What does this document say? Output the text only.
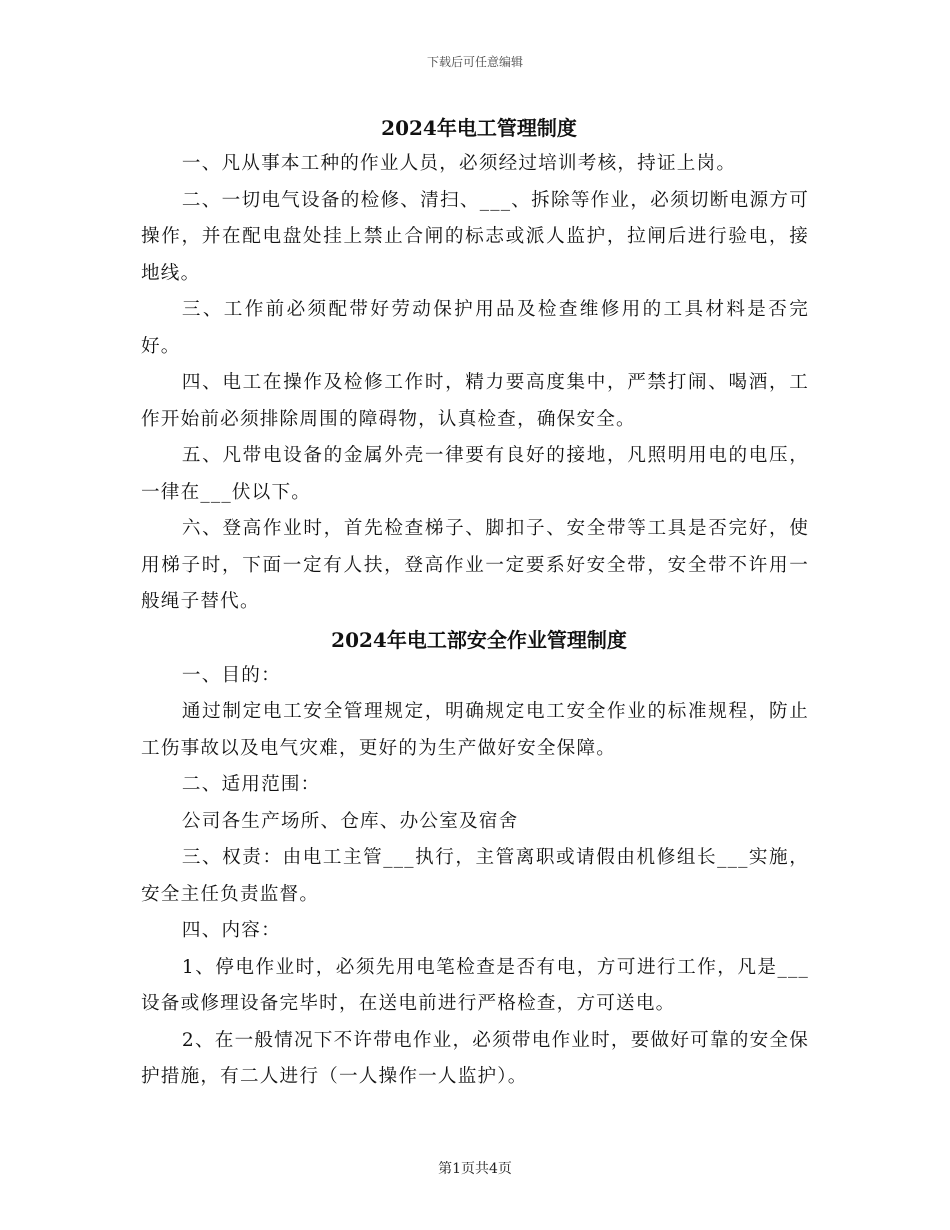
下载后可任意编辑
2024年电工管理制度

一、凡从事本工种的作业人员，必须经过培训考核，持证上岗。

二、一切电气设备的检修、清扫、___、拆除等作业，必须切断电源方可操作，并在配电盘处挂上禁止合闸的标志或派人监护，拉闸后进行验电，接地线。

三、工作前必须配带好劳动保护用品及检查维修用的工具材料是否完好。

四、电工在操作及检修工作时，精力要高度集中，严禁打闹、喝酒，工作开始前必须排除周围的障碍物，认真检查，确保安全。

五、凡带电设备的金属外壳一律要有良好的接地，凡照明用电的电压，一律在___伏以下。

六、登高作业时，首先检查梯子、脚扣子、安全带等工具是否完好，使用梯子时，下面一定有人扶，登高作业一定要系好安全带，安全带不许用一般绳子替代。

2024年电工部安全作业管理制度

一、目的：

通过制定电工安全管理规定，明确规定电工安全作业的标准规程，防止工伤事故以及电气灾难，更好的为生产做好安全保障。

二、适用范围：

公司各生产场所、仓库、办公室及宿舍

三、权责：由电工主管___执行，主管离职或请假由机修组长___实施，安全主任负责监督。

四、内容：

1、停电作业时，必须先用电笔检查是否有电，方可进行工作，凡是___设备或修理设备完毕时，在送电前进行严格检查，方可送电。

2、在一般情况下不许带电作业，必须带电作业时，要做好可靠的安全保护措施，有二人进行（一人操作一人监护）。

第1页共4页
